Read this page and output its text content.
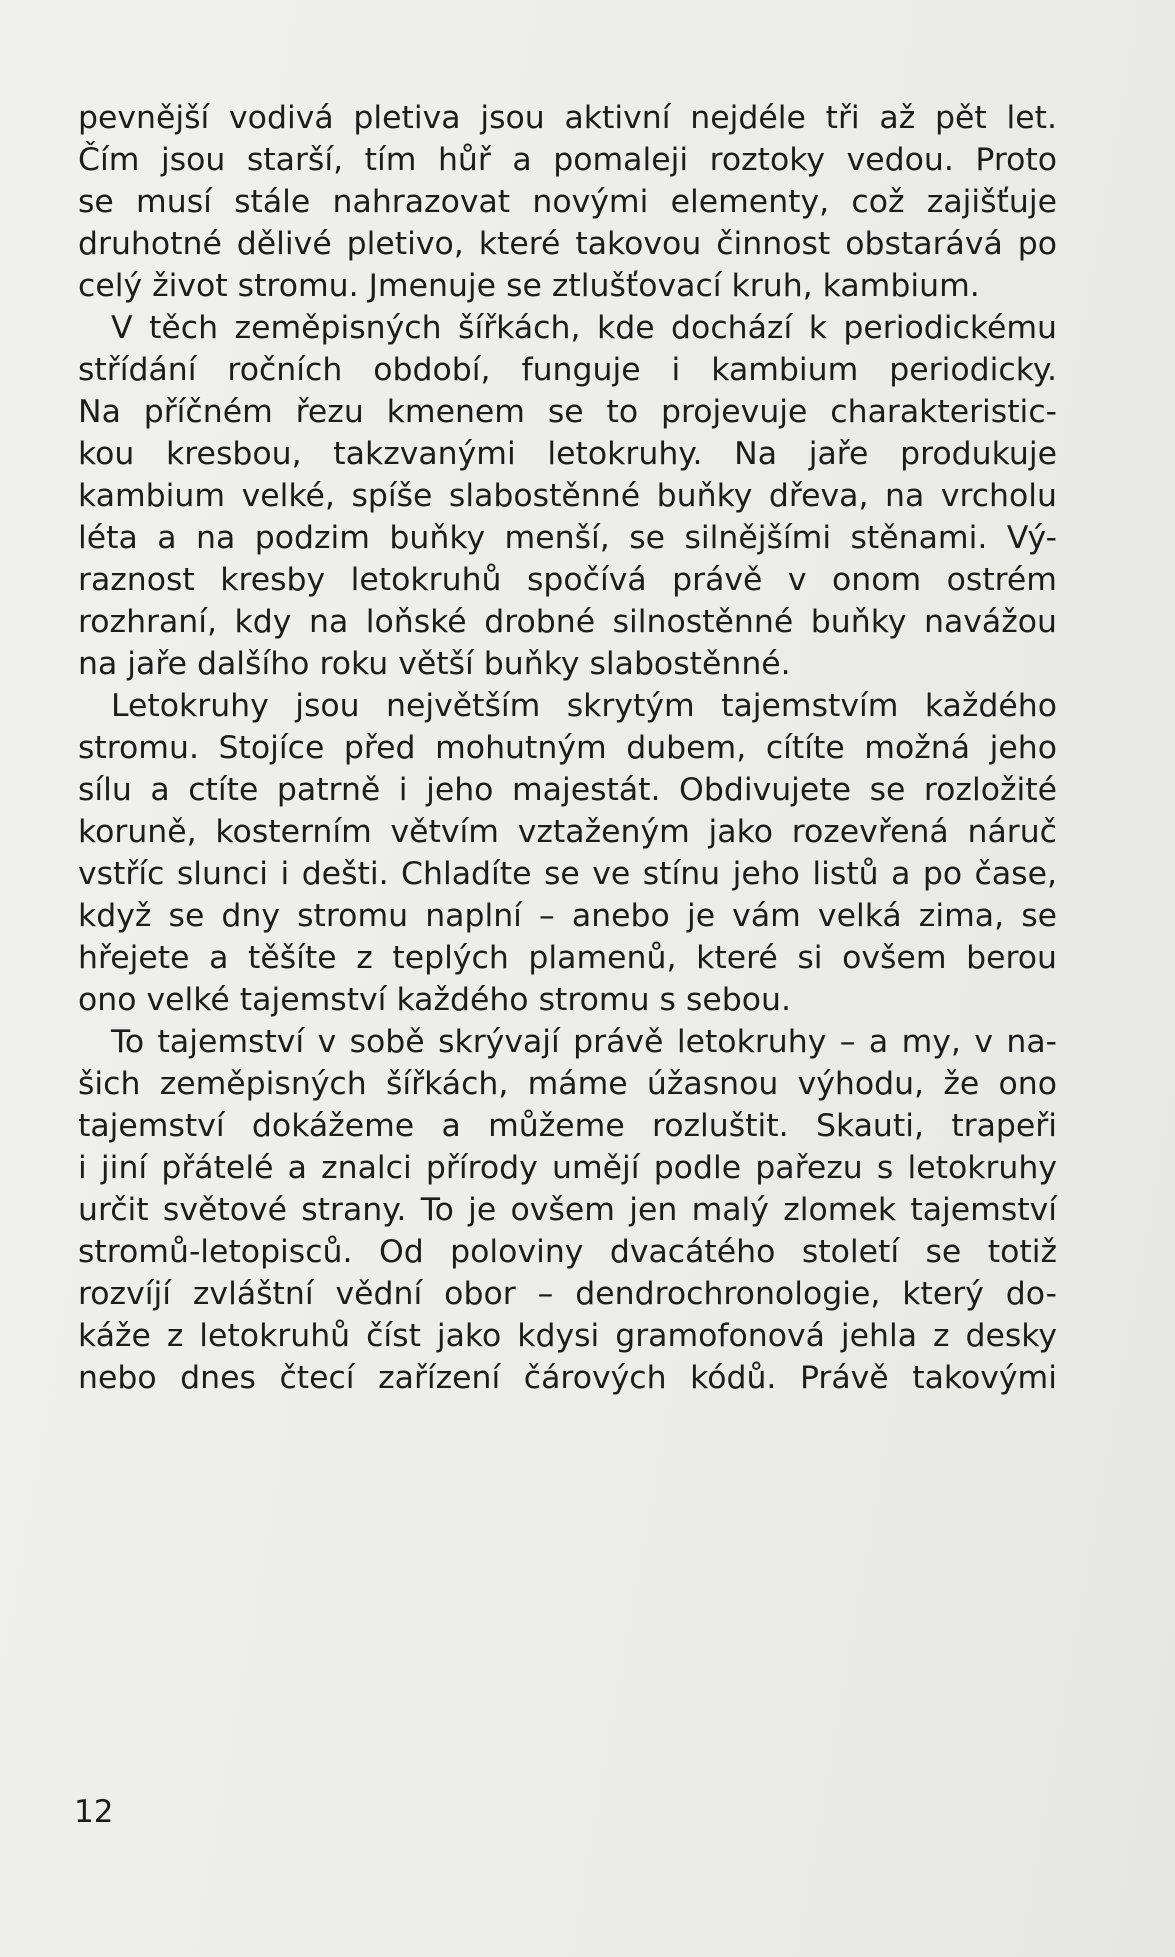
pevnější vodivá pletiva jsou aktivní nejdéle tři až pět let.
Čím jsou starší, tím hůř a pomaleji roztoky vedou. Proto
se musí stále nahrazovat novými elementy, což zajišťuje
druhotné dělivé pletivo, které takovou činnost obstarává po
celý život stromu. Jmenuje se ztlušťovací kruh, kambium.
V těch zeměpisných šířkách, kde dochází k periodickému
střídání ročních období, funguje i kambium periodicky.
Na příčném řezu kmenem se to projevuje charakteristic-
kou kresbou, takzvanými letokruhy. Na jaře produkuje
kambium velké, spíše slabostěnné buňky dřeva, na vrcholu
léta a na podzim buňky menší, se silnějšími stěnami. Vý-
raznost kresby letokruhů spočívá právě v onom ostrém
rozhraní, kdy na loňské drobné silnostěnné buňky navážou
na jaře dalšího roku větší buňky slabostěnné.
Letokruhy jsou největším skrytým tajemstvím každého
stromu. Stojíce před mohutným dubem, cítíte možná jeho
sílu a ctíte patrně i jeho majestát. Obdivujete se rozložité
koruně, kosterním větvím vztaženým jako rozevřená náruč
vstříc slunci i dešti. Chladíte se ve stínu jeho listů a po čase,
když se dny stromu naplní – anebo je vám velká zima, se
hřejete a těšíte z teplých plamenů, které si ovšem berou
ono velké tajemství každého stromu s sebou.
To tajemství v sobě skrývají právě letokruhy – a my, v na-
šich zeměpisných šířkách, máme úžasnou výhodu, že ono
tajemství dokážeme a můžeme rozluštit. Skauti, trapeři
i jiní přátelé a znalci přírody umějí podle pařezu s letokruhy
určit světové strany. To je ovšem jen malý zlomek tajemství
stromů-letopisců. Od poloviny dvacátého století se totiž
rozvíjí zvláštní vědní obor – dendrochronologie, který do-
káže z letokruhů číst jako kdysi gramofonová jehla z desky
nebo dnes čtecí zařízení čárových kódů. Právě takovými
12
